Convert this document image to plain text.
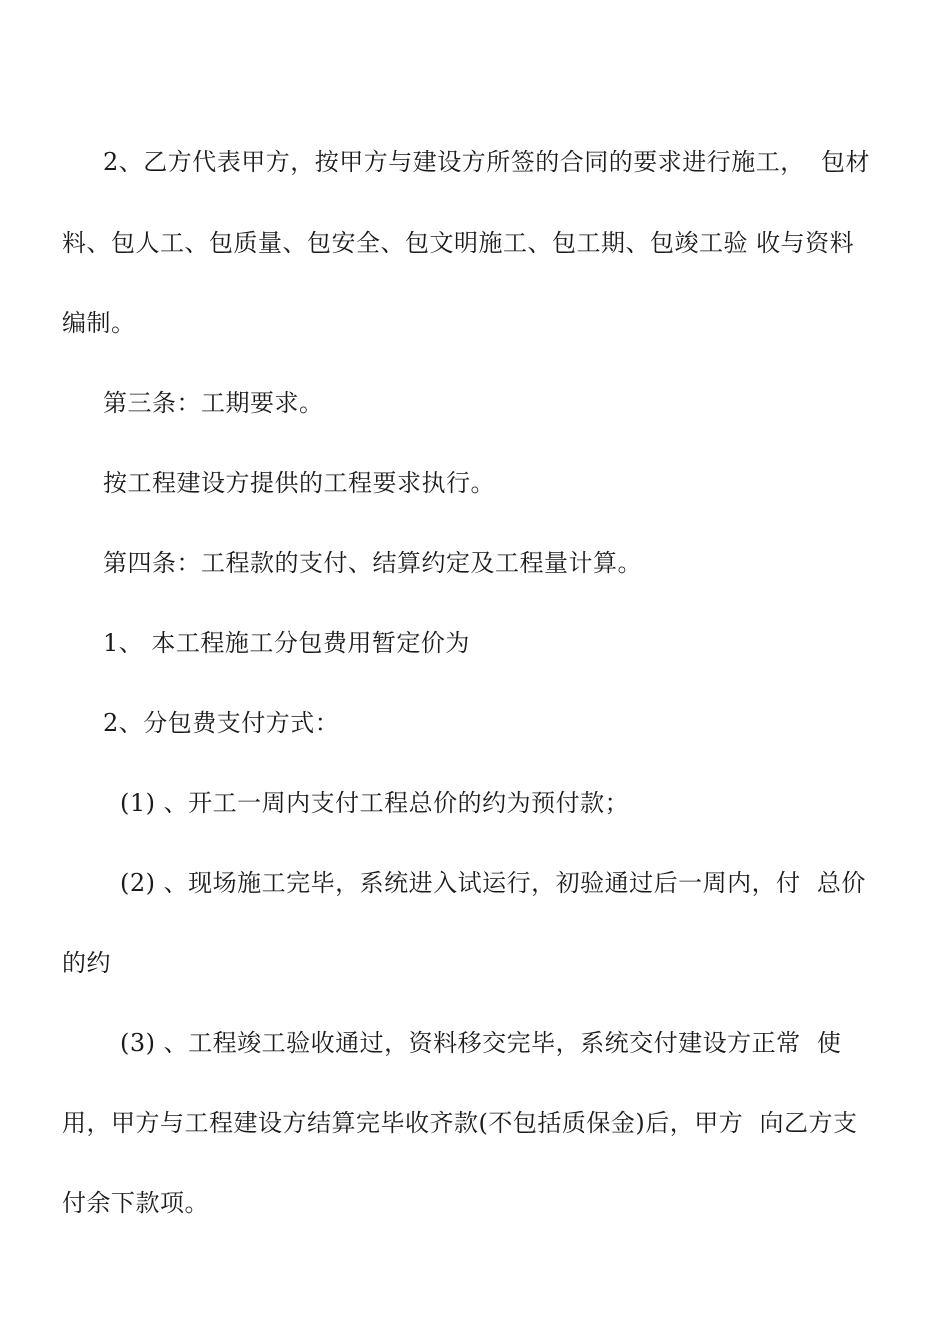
2、乙方代表甲方，按甲方与建设方所签的合同的要求进行施工，  包材
料、包人工、包质量、包安全、包文明施工、包工期、包竣工验 收与资料
编制。
第三条：工期要求。
按工程建设方提供的工程要求执行。
第四条：工程款的支付、结算约定及工程量计算。
1、 本工程施工分包费用暂定价为
2、分包费支付方式：
(1) 、开工一周内支付工程总价的约为预付款；
(2) 、现场施工完毕，系统进入试运行，初验通过后一周内，付  总价
的约
(3) 、工程竣工验收通过，资料移交完毕，系统交付建设方正常  使
用，甲方与工程建设方结算完毕收齐款(不包括质保金)后，甲方  向乙方支
付余下款项。
